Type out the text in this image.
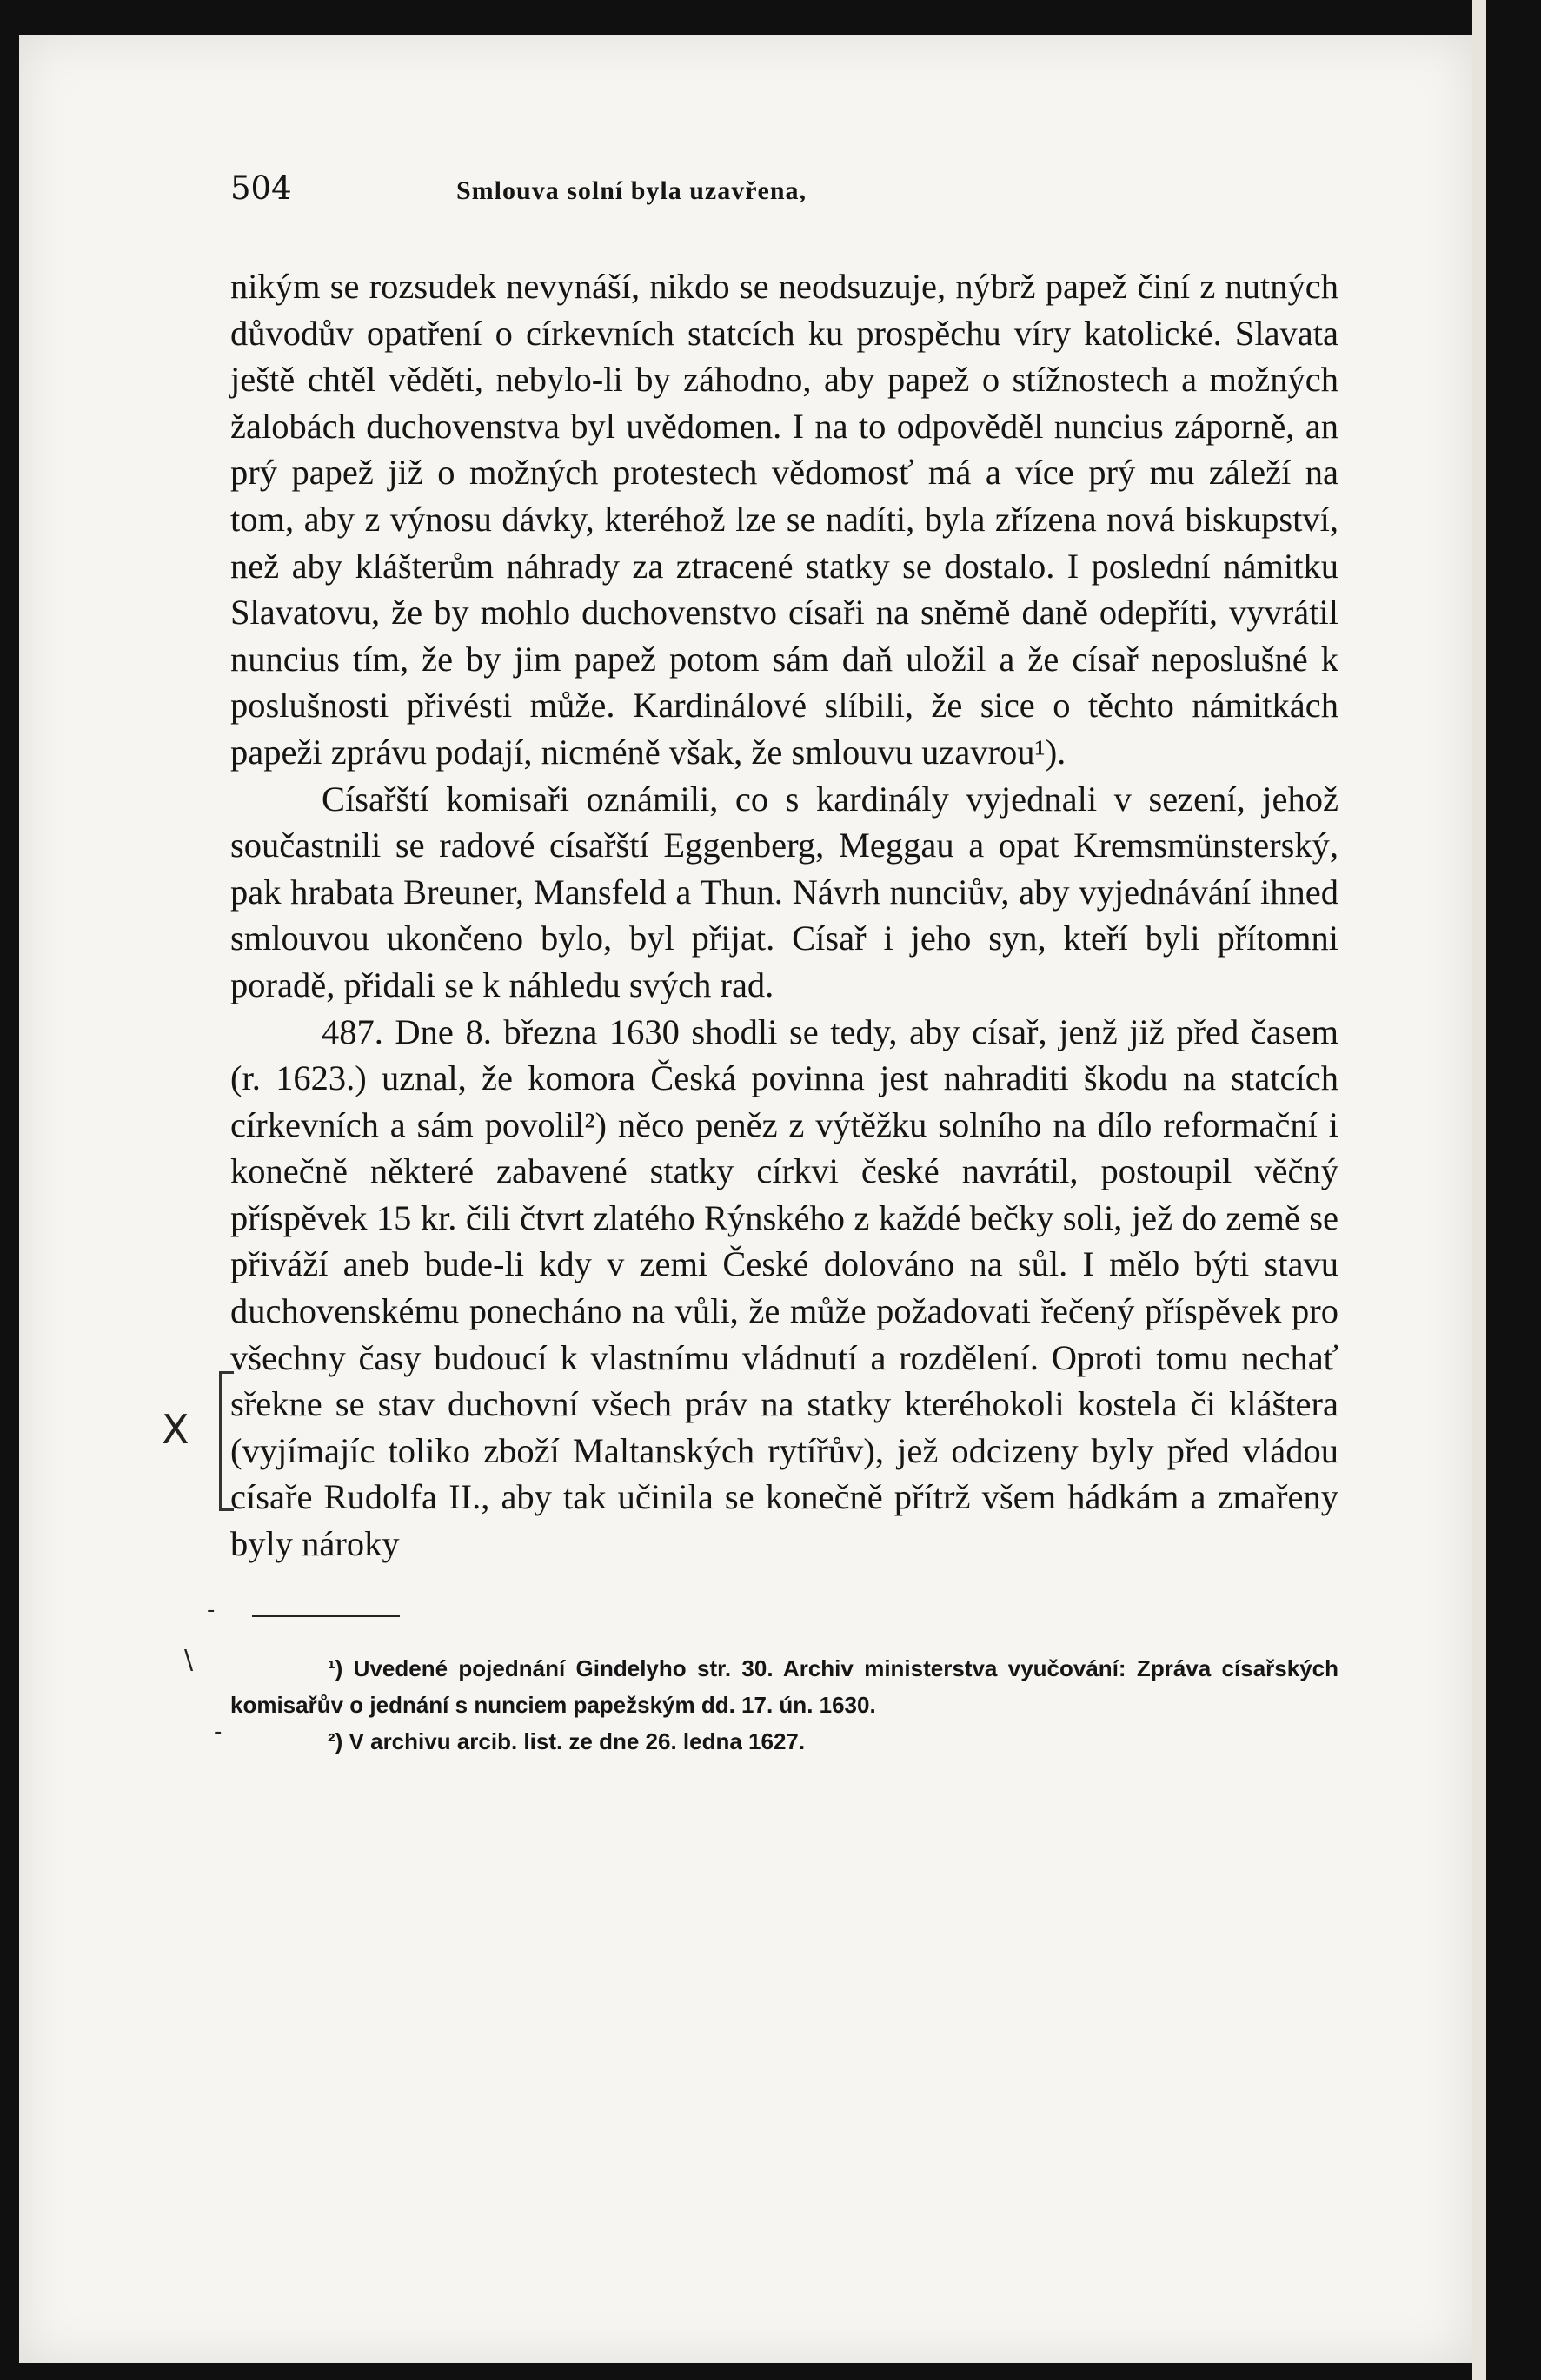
504	Smlouva solní byla uzavřena,

nikým se rozsudek nevynáší, nikdo se neodsuzuje, nýbrž papež činí z nutných důvodův opatření o církevních statcích ku prospěchu víry katolické. Slavata ještě chtěl věděti, nebylo-li by záhodno, aby papež o stížnostech a možných žalobách duchovenstva byl uvědomen. I na to odpověděl nuncius záporně, an prý papež již o možných protestech vědomosť má a více prý mu záleží na tom, aby z výnosu dávky, kteréhož lze se nadíti, byla zřízena nová biskupství, než aby klášterům náhrady za ztracené statky se dostalo. I poslední námitku Slavatovu, že by mohlo duchovenstvo císaři na sněmě daně odepříti, vyvrátil nuncius tím, že by jim papež potom sám daň uložil a že císař neposlušné k poslušnosti přivésti může. Kardinálové slíbili, že sice o těchto námitkách papeži zprávu podají, nicméně však, že smlouvu uzavrou¹).

Císařští komisaři oznámili, co s kardinály vyjednali v sezení, jehož součastnili se radové císařští Eggenberg, Meggau a opat Kremsmünsterský, pak hrabata Breuner, Mansfeld a Thun. Návrh nunciův, aby vyjednávání ihned smlouvou ukončeno bylo, byl přijat. Císař i jeho syn, kteří byli přítomni poradě, přidali se k náhledu svých rad.

487. Dne 8. března 1630 shodli se tedy, aby císař, jenž již před časem (r. 1623.) uznal, že komora Česká povinna jest nahraditi škodu na statcích církevních a sám povolil²) něco peněz z výtěžku solního na dílo reformační i konečně některé zabavené statky církvi české navrátil, postoupil věčný příspěvek 15 kr. čili čtvrt zlatého Rýnského z každé bečky soli, jež do země se přiváží aneb bude-li kdy v zemi České dolováno na sůl. I mělo býti stavu duchovenskému ponecháno na vůli, že může požadovati řečený příspěvek pro všechny časy budoucí k vlastnímu vládnutí a rozdělení. Oproti tomu nechať sřekne se stav duchovní všech práv na statky kteréhokoli kostela či kláštera (vyjímajíc toliko zboží Maltanských rytířův), jež odcizeny byly před vládou císaře Rudolfa II., aby tak učinila se konečně přítrž všem hádkám a zmařeny byly nároky

¹) Uvedené pojednání Gindelyho str. 30. Archiv ministerstva vyučování: Zpráva císařských komisařův o jednání s nunciem papežským dd. 17. ún. 1630.

²) V archivu arcib. list. ze dne 26. ledna 1627.

X
-
\
-
